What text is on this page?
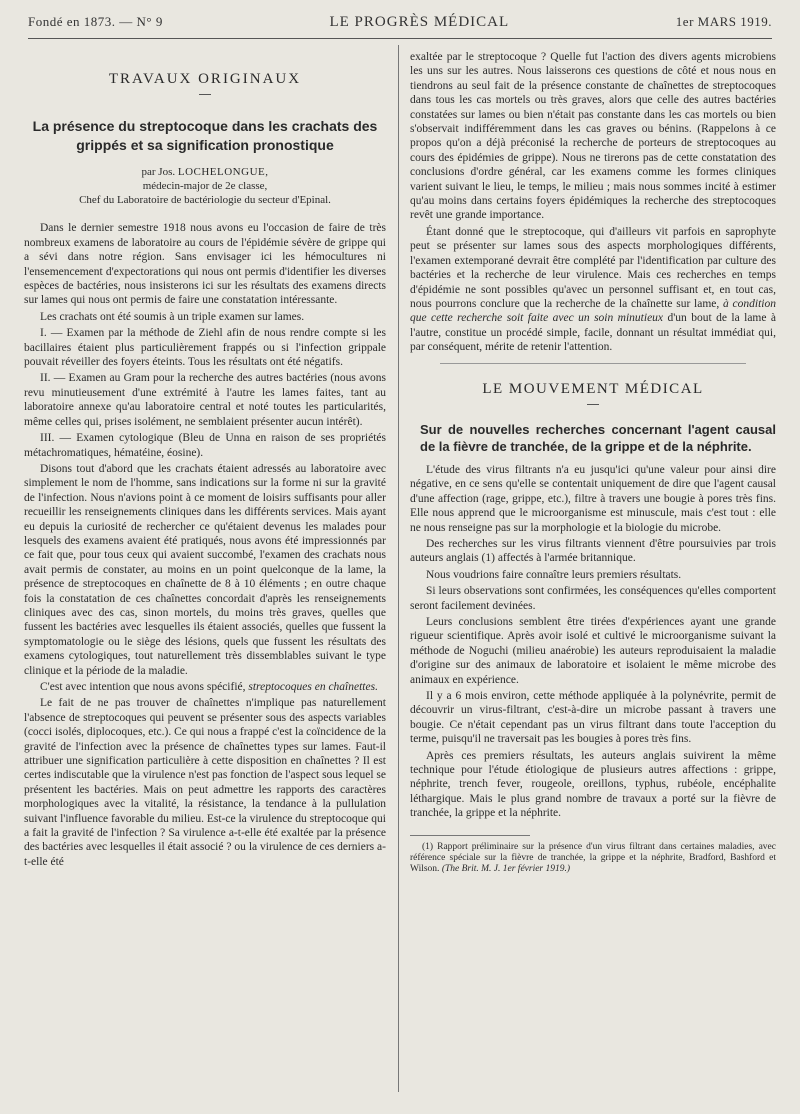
Fondé en 1873. — N° 9	LE PROGRÈS MÉDICAL	1er MARS 1919.
TRAVAUX ORIGINAUX
La présence du streptocoque dans les crachats des grippés et sa signification pronostique
par Jos. LOCHELONGUE,
médecin-major de 2e classe,
Chef du Laboratoire de bactériologie du secteur d'Epinal.

Dans le dernier semestre 1918 nous avons eu l'occasion de faire de très nombreux examens de laboratoire au cours de l'épidémie sévère de grippe qui a sévi dans notre région. Sans envisager ici les hémocultures ni l'ensemencement d'expectorations qui nous ont permis d'identifier les diverses espèces de bactéries, nous insisterons ici sur les résultats des examens directs sur lames qui nous ont permis de faire une constatation intéressante.

Les crachats ont été soumis à un triple examen sur lames.

I. — Examen par la méthode de Ziehl afin de nous rendre compte si les bacillaires étaient plus particulièrement frappés ou si l'infection grippale pouvait réveiller des foyers éteints. Tous les résultats ont été négatifs.

II. — Examen au Gram pour la recherche des autres bactéries (nous avons revu minutieusement d'une extrémité à l'autre les lames faites, tant au laboratoire annexe qu'au laboratoire central et noté toutes les particularités, même celles qui, prises isolément, ne semblaient présenter aucun intérêt).

III. — Examen cytologique (Bleu de Unna en raison de ses propriétés métachromatiques, hématéine, éosine).

Disons tout d'abord que les crachats étaient adressés au laboratoire avec simplement le nom de l'homme, sans indications sur la forme ni sur la gravité de l'infection. Nous n'avions point à ce moment de loisirs suffisants pour aller recueillir les renseignements cliniques dans les différents services. Mais ayant eu depuis la curiosité de rechercher ce qu'étaient devenus les malades pour lesquels des examens avaient été pratiqués, nous avons été impressionnés par ce fait que, pour tous ceux qui avaient succombé, l'examen des crachats nous avait permis de constater, au moins en un point quelconque de la lame, la présence de streptocoques en chaînette de 8 à 10 éléments ; en outre chaque fois la constatation de ces chaînettes concordait d'après les renseignements cliniques avec des cas, sinon mortels, du moins très graves, quelles que fussent les bactéries avec lesquelles ils étaient associés, quelles que fussent la symptomatologie ou le siège des lésions, quels que fussent les résultats des examens cytologiques, tout naturellement très dissemblables suivant le type clinique et la période de la maladie.

C'est avec intention que nous avons spécifié, streptocoques en chaînettes.

Le fait de ne pas trouver de chaînettes n'implique pas naturellement l'absence de streptocoques qui peuvent se présenter sous des aspects variables (cocci isolés, diplocoques, etc.). Ce qui nous a frappé c'est la coïncidence de la gravité de l'infection avec la présence de chaînettes types sur lames. Faut-il attribuer une signification particulière à cette disposition en chaînettes ? Il est certes indiscutable que la virulence n'est pas fonction de l'aspect sous lequel se présentent les bactéries. Mais on peut admettre les rapports des caractères morphologiques avec la vitalité, la résistance, la tendance à la pullulation suivant l'influence favorable du milieu. Est-ce la virulence du streptocoque qui a fait la gravité de l'infection ? Sa virulence a-t-elle été exaltée par la présence des bactéries avec lesquelles il était associé ? ou la virulence de ces derniers a-t-elle été

exaltée par le streptocoque ? Quelle fut l'action des divers agents microbiens les uns sur les autres. Nous laisserons ces questions de côté et nous nous en tiendrons au seul fait de la présence constante de chaînettes de streptocoques dans tous les cas mortels ou très graves, alors que celle des autres bactéries constatées sur lames ou bien n'était pas constante dans les cas mortels ou bien s'observait indifféremment dans les cas graves ou bénins. (Rappelons à ce propos qu'on a déjà préconisé la recherche de porteurs de streptocoques au cours des épidémies de grippe). Nous ne tirerons pas de cette constatation des conclusions d'ordre général, car les examens comme les formes cliniques varient suivant le lieu, le temps, le milieu ; mais nous sommes incité à estimer qu'au moins dans certains foyers épidémiques la recherche des streptocoques revêt une grande importance.

Étant donné que le streptocoque, qui d'ailleurs vit parfois en saprophyte peut se présenter sur lames sous des aspects morphologiques différents, l'examen extemporané devrait être complété par l'identification par culture des bactéries et la recherche de leur virulence. Mais ces recherches en temps d'épidémie ne sont possibles qu'avec un personnel suffisant et, en tout cas, nous pourrons conclure que la recherche de la chaînette sur lame, à condition que cette recherche soit faite avec un soin minutieux d'un bout de la lame à l'autre, constitue un procédé simple, facile, donnant un résultat immédiat qui, par conséquent, mérite de retenir l'attention.

LE MOUVEMENT MÉDICAL
Sur de nouvelles recherches concernant l'agent causal de la fièvre de tranchée, de la grippe et de la néphrite.

L'étude des virus filtrants n'a eu jusqu'ici qu'une valeur pour ainsi dire négative, en ce sens qu'elle se contentait uniquement de dire que l'agent causal d'une affection (rage, grippe, etc.), filtre à travers une bougie à pores très fins. Elle nous apprend que le microorganisme est minuscule, mais c'est tout : elle ne nous renseigne pas sur la morphologie et la biologie du microbe.

Des recherches sur les virus filtrants viennent d'être poursuivies par trois auteurs anglais (1) affectés à l'armée britannique.

Nous voudrions faire connaître leurs premiers résultats.

Si leurs observations sont confirmées, les conséquences qu'elles comportent seront facilement devinées.

Leurs conclusions semblent être tirées d'expériences ayant une grande rigueur scientifique. Après avoir isolé et cultivé le microorganisme suivant la méthode de Noguchi (milieu anaérobie) les auteurs reproduisaient la maladie d'origine sur des animaux de laboratoire et isolaient le même microbe des animaux en expérience.

Il y a 6 mois environ, cette méthode appliquée à la polynévrite, permit de découvrir un virus-filtrant, c'est-à-dire un microbe passant à travers une bougie. Ce n'était cependant pas un virus filtrant dans toute l'acception du terme, puisqu'il ne traversait pas les bougies à pores très fins.

Après ces premiers résultats, les auteurs anglais suivirent la même technique pour l'étude étiologique de plusieurs autres affections : grippe, néphrite, trench fever, rougeole, oreillons, typhus, rubéole, encéphalite léthargique. Mais le plus grand nombre de travaux a porté sur la fièvre de tranchée, la grippe et la néphrite.

(1) Rapport préliminaire sur la présence d'un virus filtrant dans certaines maladies, avec référence spéciale sur la fièvre de tranchée, la grippe et la néphrite, Bradford, Bashford et Wilson. (The Brit. M. J. 1er février 1919.)
